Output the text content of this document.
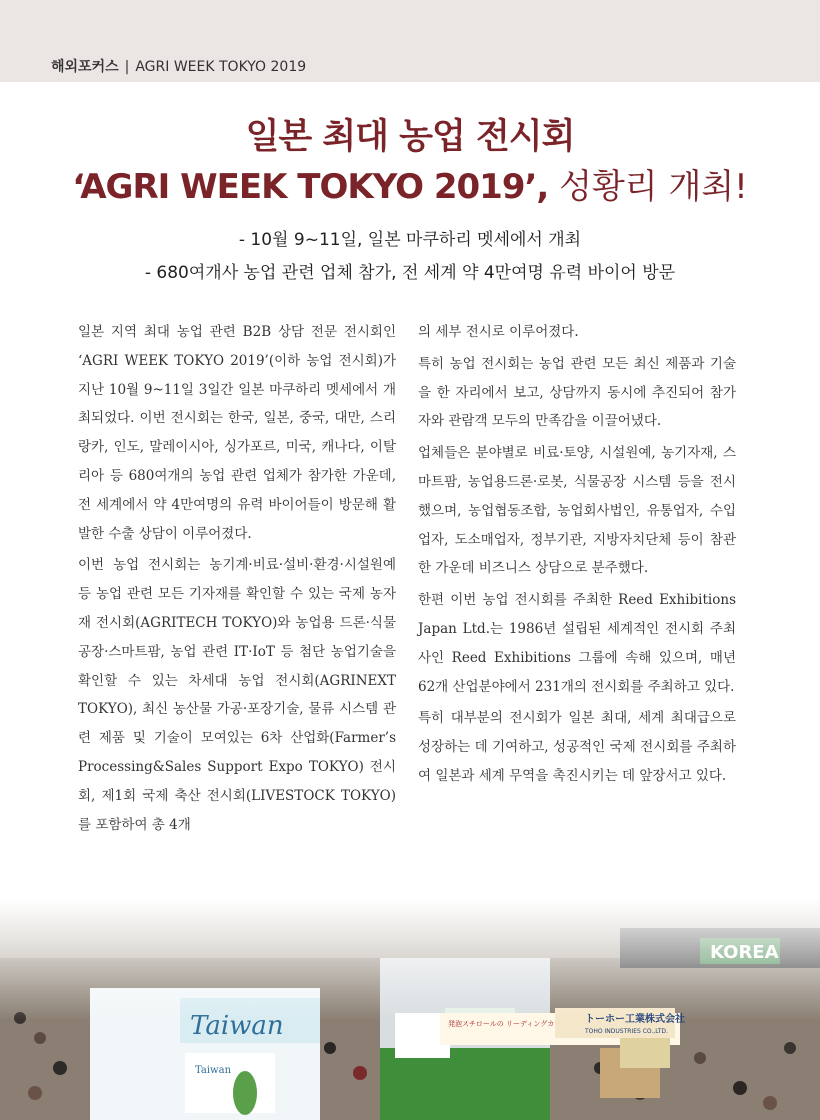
해외포커스 | AGRI WEEK TOKYO 2019
일본 최대 농업 전시회
‘AGRI WEEK TOKYO 2019’, 성황리 개최!
- 10월 9~11일, 일본 마쿠하리 멧세에서 개최
- 680여개사 농업 관련 업체 참가, 전 세계 약 4만여명 유력 바이어 방문

일본 지역 최대 농업 관련 B2B 상담 전문 전시회인 ‘AGRI WEEK TOKYO 2019’(이하 농업 전시회)가 지난 10월 9~11일 3일간 일본 마쿠하리 멧세에서 개최되었다. 이번 전시회는 한국, 일본, 중국, 대만, 스리랑카, 인도, 말레이시아, 싱가포르, 미국, 캐나다, 이탈리아 등 680여개의 농업 관련 업체가 참가한 가운데, 전 세계에서 약 4만여명의 유력 바이어들이 방문해 활발한 수출 상담이 이루어졌다.

이번 농업 전시회는 농기계·비료·설비·환경·시설원예 등 농업 관련 모든 기자재를 확인할 수 있는 국제 농자재 전시회(AGRITECH TOKYO)와 농업용 드론·식물공장·스마트팜, 농업 관련 IT·IoT 등 첨단 농업기술을 확인할 수 있는 차세대 농업 전시회(AGRINEXT TOKYO), 최신 농산물 가공·포장기술, 물류 시스템 관련 제품 및 기술이 모여있는 6차 산업화(Farmer’s Processing&Sales Support Expo TOKYO) 전시회, 제1회 국제 축산 전시회(LIVESTOCK TOKYO)를 포함하여 총 4개

의 세부 전시로 이루어졌다.

특히 농업 전시회는 농업 관련 모든 최신 제품과 기술을 한 자리에서 보고, 상담까지 동시에 추진되어 참가자와 관람객 모두의 만족감을 이끌어냈다.

업체들은 분야별로 비료·토양, 시설원예, 농기자재, 스마트팜, 농업용드론·로봇, 식물공장 시스템 등을 전시했으며, 농업협동조합, 농업회사법인, 유통업자, 수입업자, 도소매업자, 정부기관, 지방자치단체 등이 참관한 가운데 비즈니스 상담으로 분주했다.

한편 이번 농업 전시회를 주최한 Reed Exhibitions Japan Ltd.는 1986년 설립된 세계적인 전시회 주최사인 Reed Exhibitions 그룹에 속해 있으며, 매년 62개 산업분야에서 231개의 전시회를 주최하고 있다.

특히 대부분의 전시회가 일본 최대, 세계 최대급으로 성장하는 데 기여하고, 성공적인 국제 전시회를 주최하여 일본과 세계 무역을 촉진시키는 데 앞장서고 있다.
